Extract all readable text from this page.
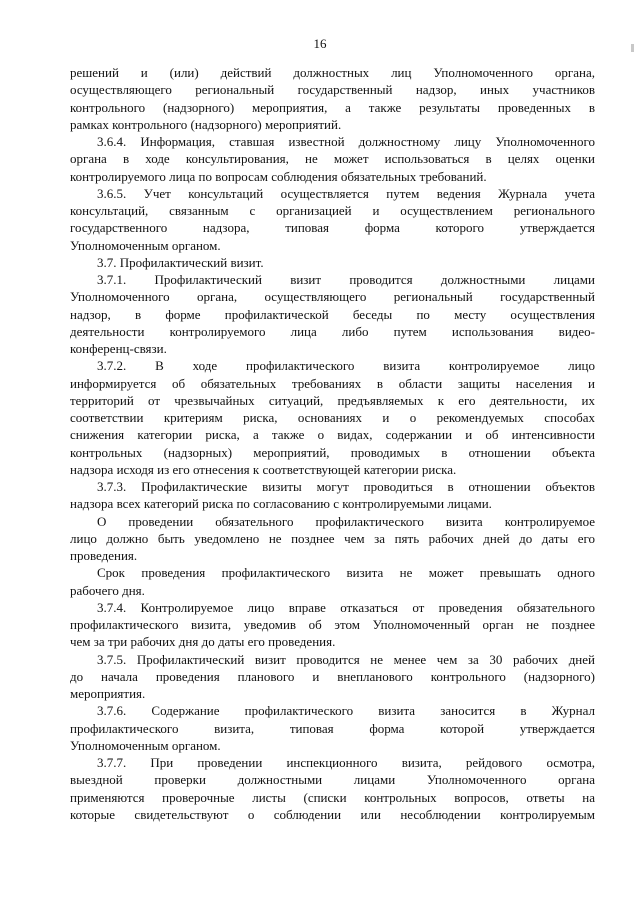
16
решений и (или) действий должностных лиц Уполномоченного органа,
осуществляющего региональный государственный надзор, иных участников
контрольного (надзорного) мероприятия, а также результаты проведенных в
рамках контрольного (надзорного) мероприятий.
3.6.4. Информация, ставшая известной должностному лицу Уполномоченного
органа в ходе консультирования, не может использоваться в целях оценки
контролируемого лица по вопросам соблюдения обязательных требований.
3.6.5. Учет консультаций осуществляется путем ведения Журнала учета
консультаций, связанным с организацией и осуществлением регионального
государственного надзора, типовая форма которого утверждается
Уполномоченным органом.
3.7. Профилактический визит.
3.7.1. Профилактический визит проводится должностными лицами
Уполномоченного органа, осуществляющего региональный государственный
надзор, в форме профилактической беседы по месту осуществления
деятельности контролируемого лица либо путем использования видео-
конференц-связи.
3.7.2. В ходе профилактического визита контролируемое лицо
информируется об обязательных требованиях в области защиты населения и
территорий от чрезвычайных ситуаций, предъявляемых к его деятельности, их
соответствии критериям риска, основаниях и о рекомендуемых способах
снижения категории риска, а также о видах, содержании и об интенсивности
контрольных (надзорных) мероприятий, проводимых в отношении объекта
надзора исходя из его отнесения к соответствующей категории риска.
3.7.3. Профилактические визиты могут проводиться в отношении объектов
надзора всех категорий риска по согласованию с контролируемыми лицами.
О проведении обязательного профилактического визита контролируемое
лицо должно быть уведомлено не позднее чем за пять рабочих дней до даты его
проведения.
Срок проведения профилактического визита не может превышать одного
рабочего дня.
3.7.4. Контролируемое лицо вправе отказаться от проведения обязательного
профилактического визита, уведомив об этом Уполномоченный орган не позднее
чем за три рабочих дня до даты его проведения.
3.7.5. Профилактический визит проводится не менее чем за 30 рабочих дней
до начала проведения планового и внепланового контрольного (надзорного)
мероприятия.
3.7.6. Содержание профилактического визита заносится в Журнал
профилактического визита, типовая форма которой утверждается
Уполномоченным органом.
3.7.7. При проведении инспекционного визита, рейдового осмотра,
выездной проверки должностными лицами Уполномоченного органа
применяются проверочные листы (списки контрольных вопросов, ответы на
которые свидетельствуют о соблюдении или несоблюдении контролируемым
